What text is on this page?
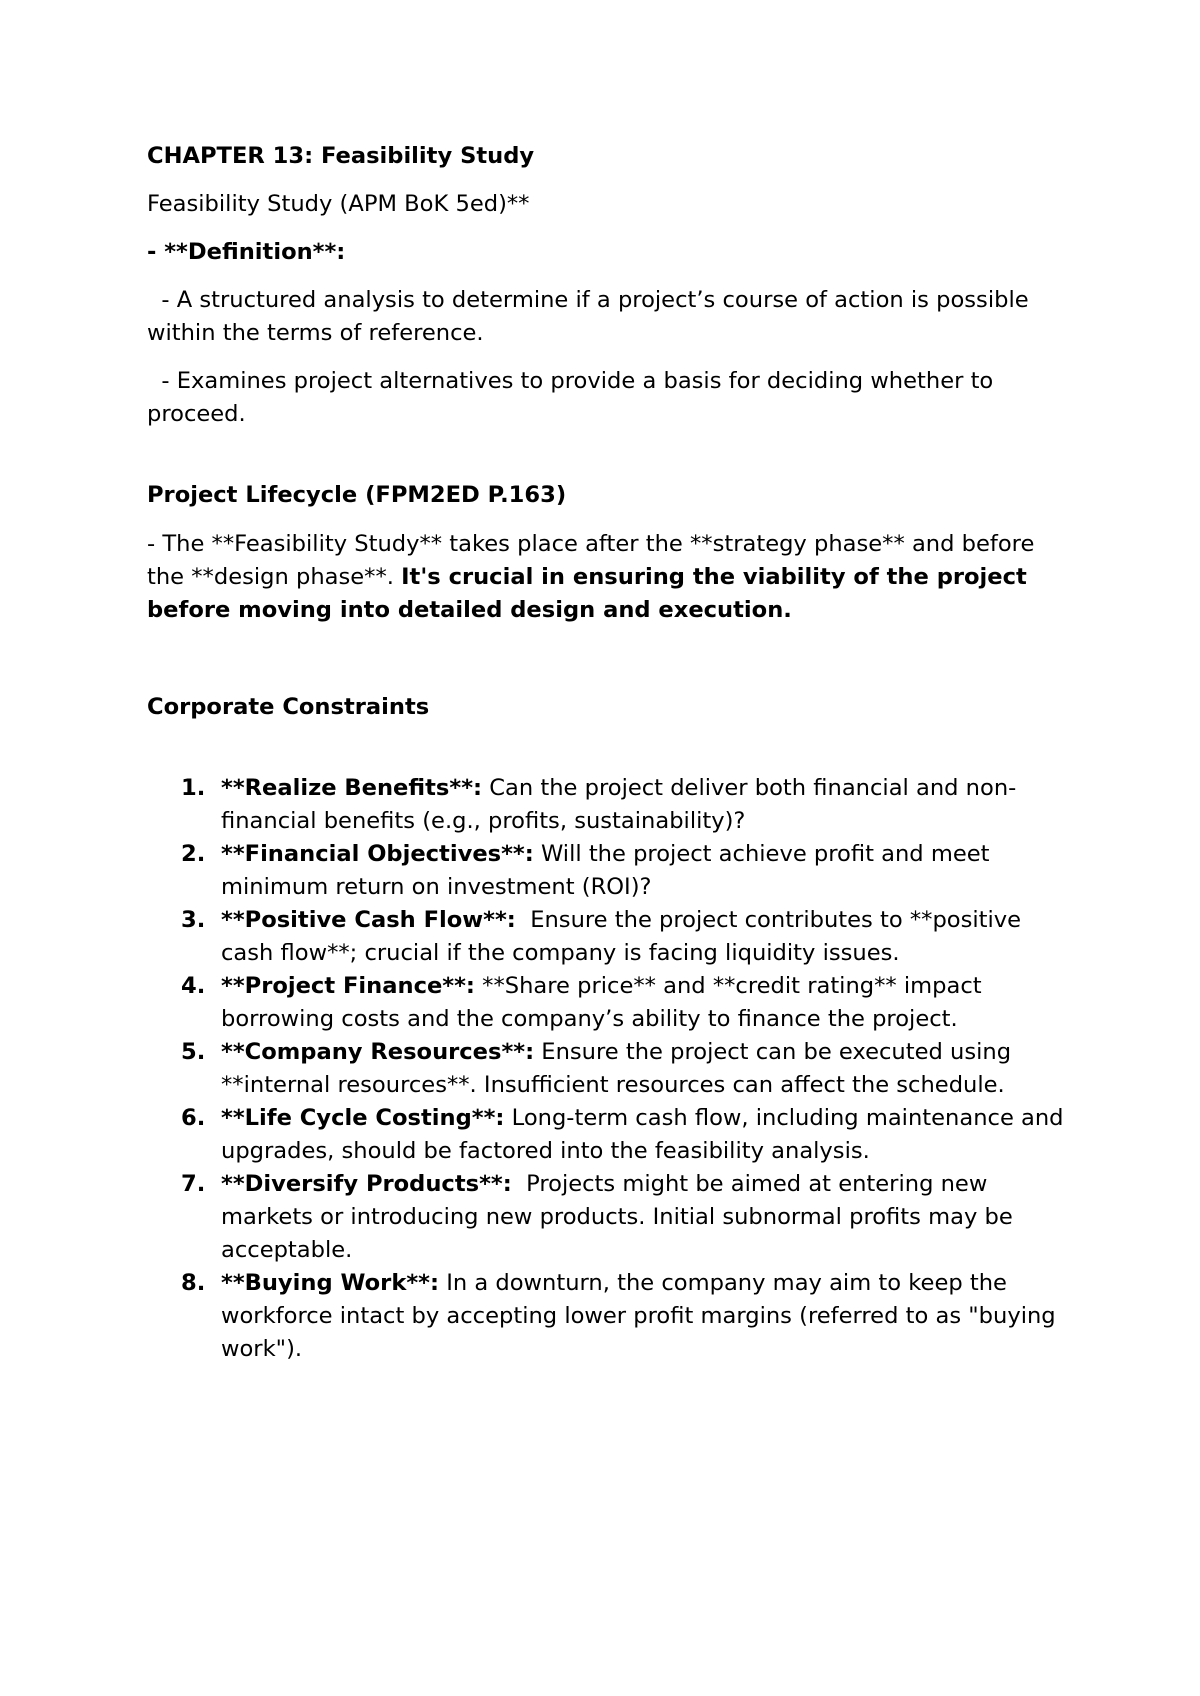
CHAPTER 13: Feasibility Study

Feasibility Study (APM BoK 5ed)**

- **Definition**:

- A structured analysis to determine if a project’s course of action is possible within the terms of reference.

- Examines project alternatives to provide a basis for deciding whether to proceed.

Project Lifecycle (FPM2ED P.163)

- The **Feasibility Study** takes place after the **strategy phase** and before the **design phase**. It's crucial in ensuring the viability of the project before moving into detailed design and execution.

Corporate Constraints

1. **Realize Benefits**: Can the project deliver both financial and non-financial benefits (e.g., profits, sustainability)?
2. **Financial Objectives**: Will the project achieve profit and meet minimum return on investment (ROI)?
3. **Positive Cash Flow**:  Ensure the project contributes to **positive cash flow**; crucial if the company is facing liquidity issues.
4. **Project Finance**: **Share price** and **credit rating** impact borrowing costs and the company’s ability to finance the project.
5. **Company Resources**: Ensure the project can be executed using **internal resources**. Insufficient resources can affect the schedule.
6. **Life Cycle Costing**: Long-term cash flow, including maintenance and upgrades, should be factored into the feasibility analysis.
7. **Diversify Products**:  Projects might be aimed at entering new markets or introducing new products. Initial subnormal profits may be acceptable.
8. **Buying Work**: In a downturn, the company may aim to keep the workforce intact by accepting lower profit margins (referred to as "buying work").
